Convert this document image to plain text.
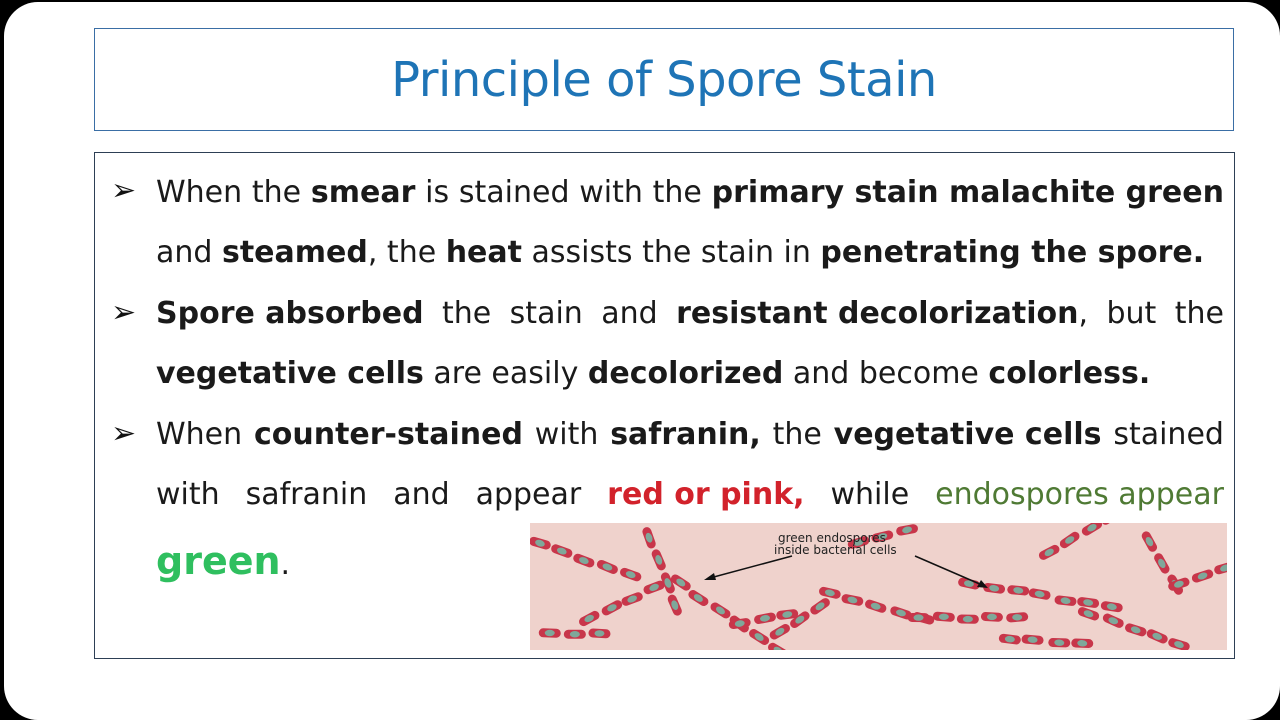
Principle of Spore Stain
➢ When the smear is stained with the primary stain malachite green
and steamed, the heat assists the stain in penetrating the spore.
➢ Spore absorbed the stain and resistant decolorization, but the
vegetative cells are easily decolorized and become colorless.
➢ When counter-stained with safranin, the vegetative cells stained
with safranin and appear red or pink, while endospores appear
green.
green endospores
inside bacterial cells
